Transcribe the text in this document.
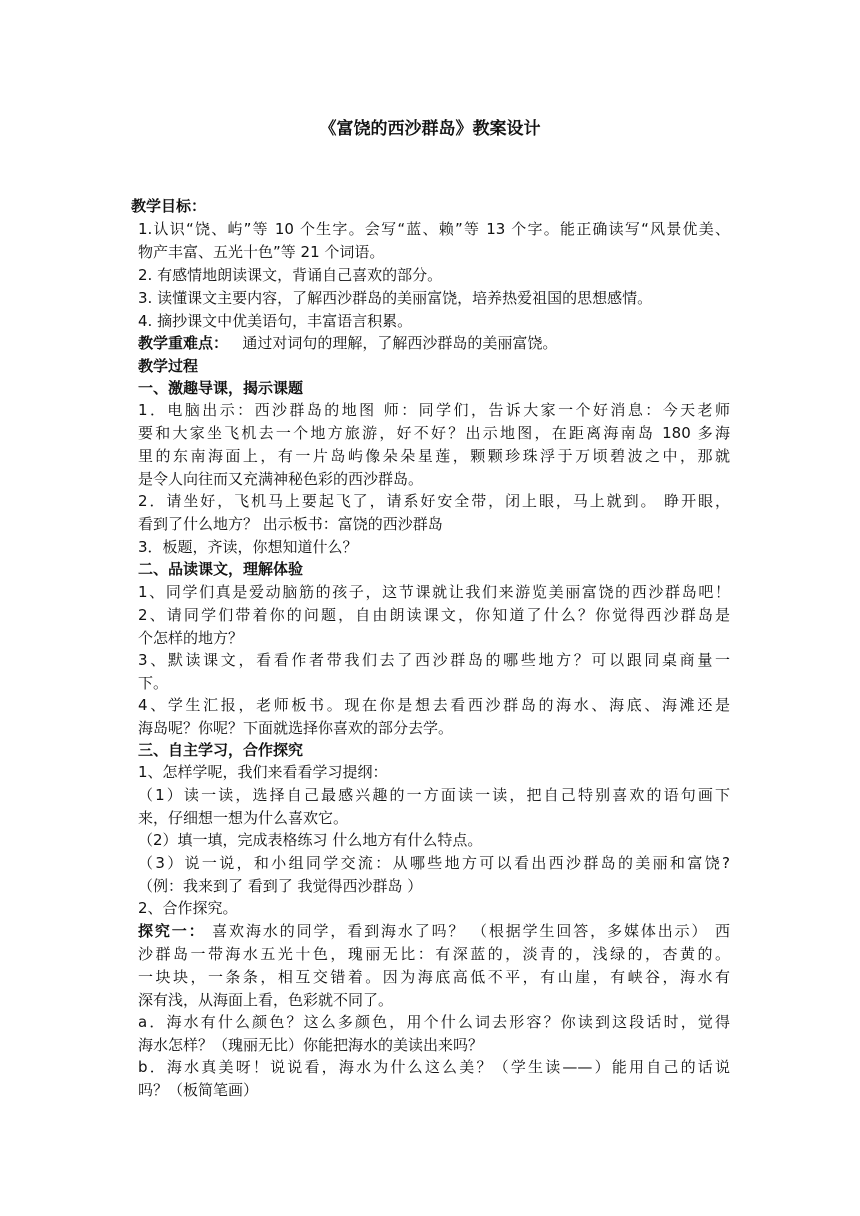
《富饶的西沙群岛》教案设计
教学目标：
1.认识“饶、屿”等 10 个生字。会写“蓝、赖”等 13 个字。能正确读写“风景优美、
物产丰富、五光十色”等 21 个词语。
2. 有感情地朗读课文，背诵自己喜欢的部分。
3. 读懂课文主要内容，了解西沙群岛的美丽富饶，培养热爱祖国的思想感情。
4. 摘抄课文中优美语句，丰富语言积累。
教学重难点： 通过对词句的理解，了解西沙群岛的美丽富饶。
教学过程
一、激趣导课，揭示课题
1．电脑出示：西沙群岛的地图 师：同学们，告诉大家一个好消息：今天老师
要和大家坐飞机去一个地方旅游，好不好？出示地图，在距离海南岛 180 多海
里的东南海面上，有一片岛屿像朵朵星莲，颗颗珍珠浮于万顷碧波之中，那就
是令人向往而又充满神秘色彩的西沙群岛。
2．请坐好，飞机马上要起飞了，请系好安全带，闭上眼，马上就到。 睁开眼，
看到了什么地方？ 出示板书：富饶的西沙群岛
3．板题，齐读，你想知道什么？
二、品读课文，理解体验
1、同学们真是爱动脑筋的孩子，这节课就让我们来游览美丽富饶的西沙群岛吧！
2、请同学们带着你的问题，自由朗读课文，你知道了什么？你觉得西沙群岛是
个怎样的地方？
3、默读课文，看看作者带我们去了西沙群岛的哪些地方？可以跟同桌商量一
下。
4、学生汇报，老师板书。现在你是想去看西沙群岛的海水、海底、海滩还是
海岛呢？你呢？下面就选择你喜欢的部分去学。
三、自主学习，合作探究
1、怎样学呢，我们来看看学习提纲：
（1）读一读，选择自己最感兴趣的一方面读一读，把自己特别喜欢的语句画下
来，仔细想一想为什么喜欢它。
（2）填一填，完成表格练习 什么地方有什么特点。
（3）说一说，和小组同学交流：从哪些地方可以看出西沙群岛的美丽和富饶?
（例：我来到了 看到了 我觉得西沙群岛 ）
2、合作探究。
探究一： 喜欢海水的同学，看到海水了吗？ （根据学生回答，多媒体出示） 西
沙群岛一带海水五光十色，瑰丽无比：有深蓝的，淡青的，浅绿的，杏黄的。
一块块，一条条，相互交错着。因为海底高低不平，有山崖，有峡谷，海水有
深有浅，从海面上看，色彩就不同了。
a．海水有什么颜色？这么多颜色，用个什么词去形容？你读到这段话时，觉得
海水怎样？（瑰丽无比）你能把海水的美读出来吗？
b．海水真美呀！说说看，海水为什么这么美？（学生读——）能用自己的话说
吗？（板简笔画）
